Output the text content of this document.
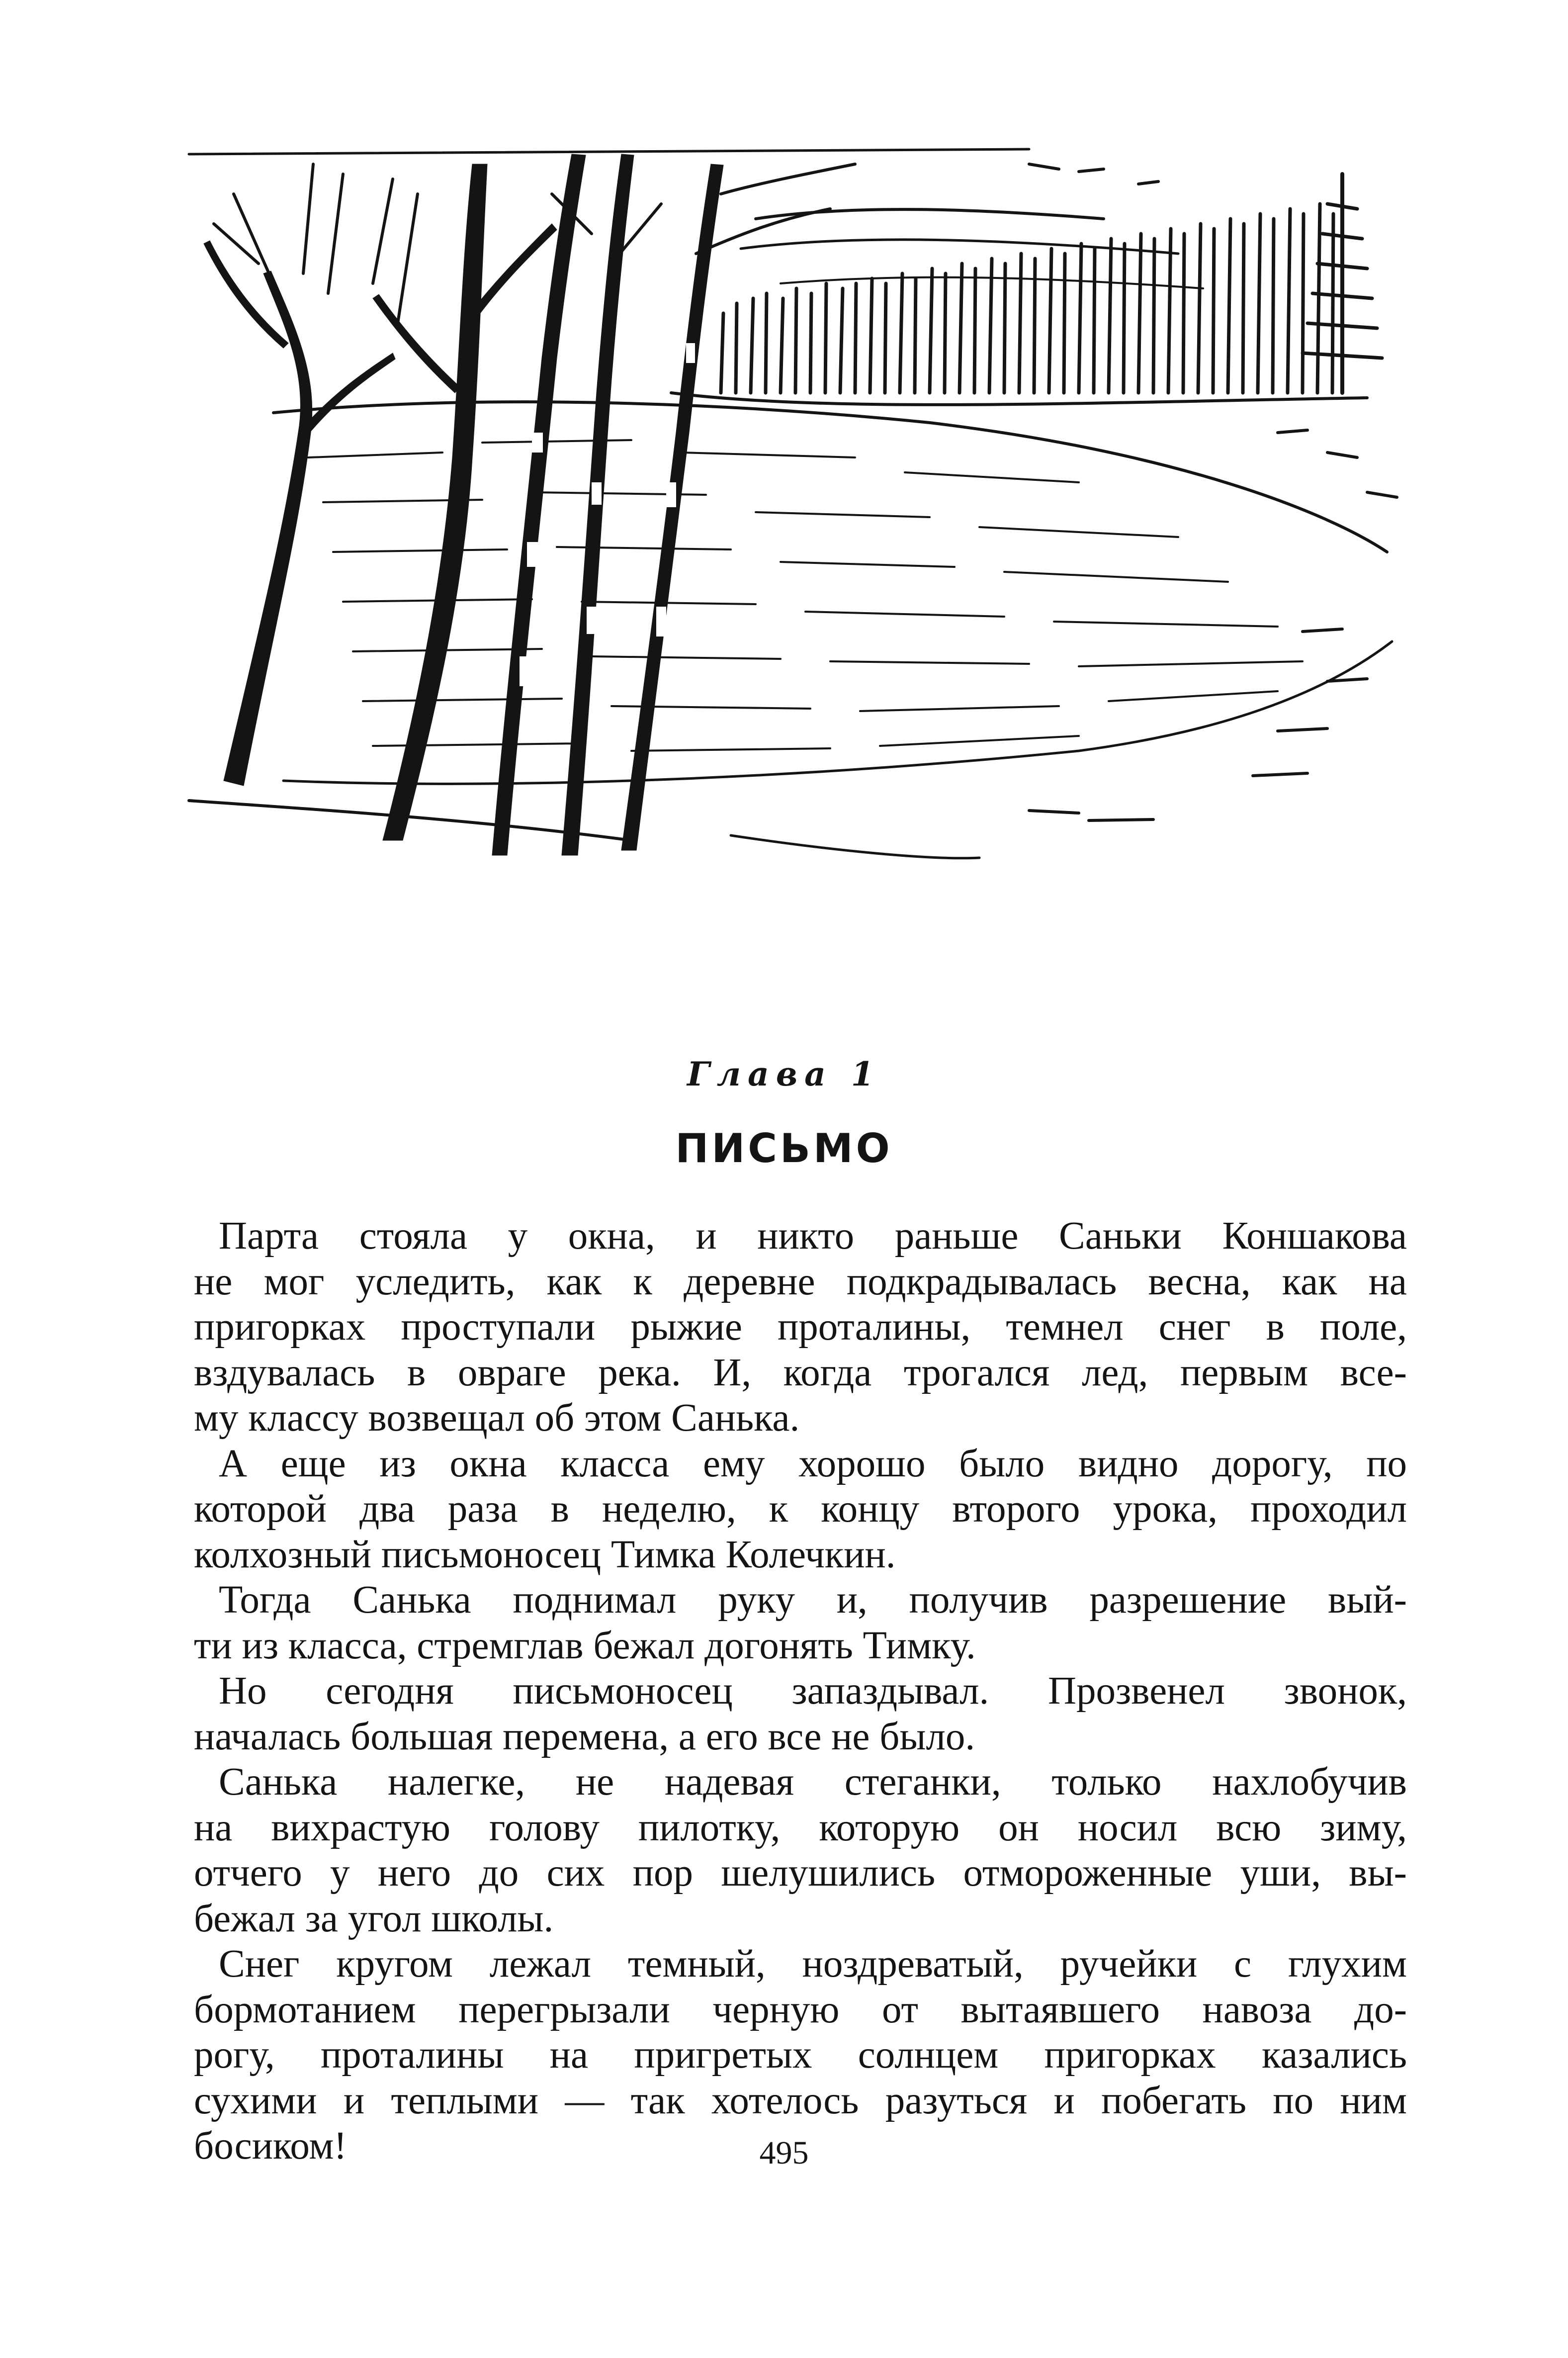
Глава 1
ПИСЬМО

Парта стояла у окна, и никто раньше Саньки Коншакова
не мог уследить, как к деревне подкрадывалась весна, как на
пригорках проступали рыжие проталины, темнел снег в поле,
вздувалась в овраге река. И, когда трогался лед, первым все-
му классу возвещал об этом Санька.

А еще из окна класса ему хорошо было видно дорогу, по
которой два раза в неделю, к концу второго урока, проходил
колхозный письмоносец Тимка Колечкин.

Тогда Санька поднимал руку и, получив разрешение вый-
ти из класса, стремглав бежал догонять Тимку.

Но сегодня письмоносец запаздывал. Прозвенел звонок,
началась большая перемена, а его все не было.

Санька налегке, не надевая стеганки, только нахлобучив
на вихрастую голову пилотку, которую он носил всю зиму,
отчего у него до сих пор шелушились отмороженные уши, вы-
бежал за угол школы.

Снег кругом лежал темный, ноздреватый, ручейки с глухим
бормотанием перегрызали черную от вытаявшего навоза до-
рогу, проталины на пригретых солнцем пригорках казались
сухими и теплыми — так хотелось разуться и побегать по ним
босиком!	495
